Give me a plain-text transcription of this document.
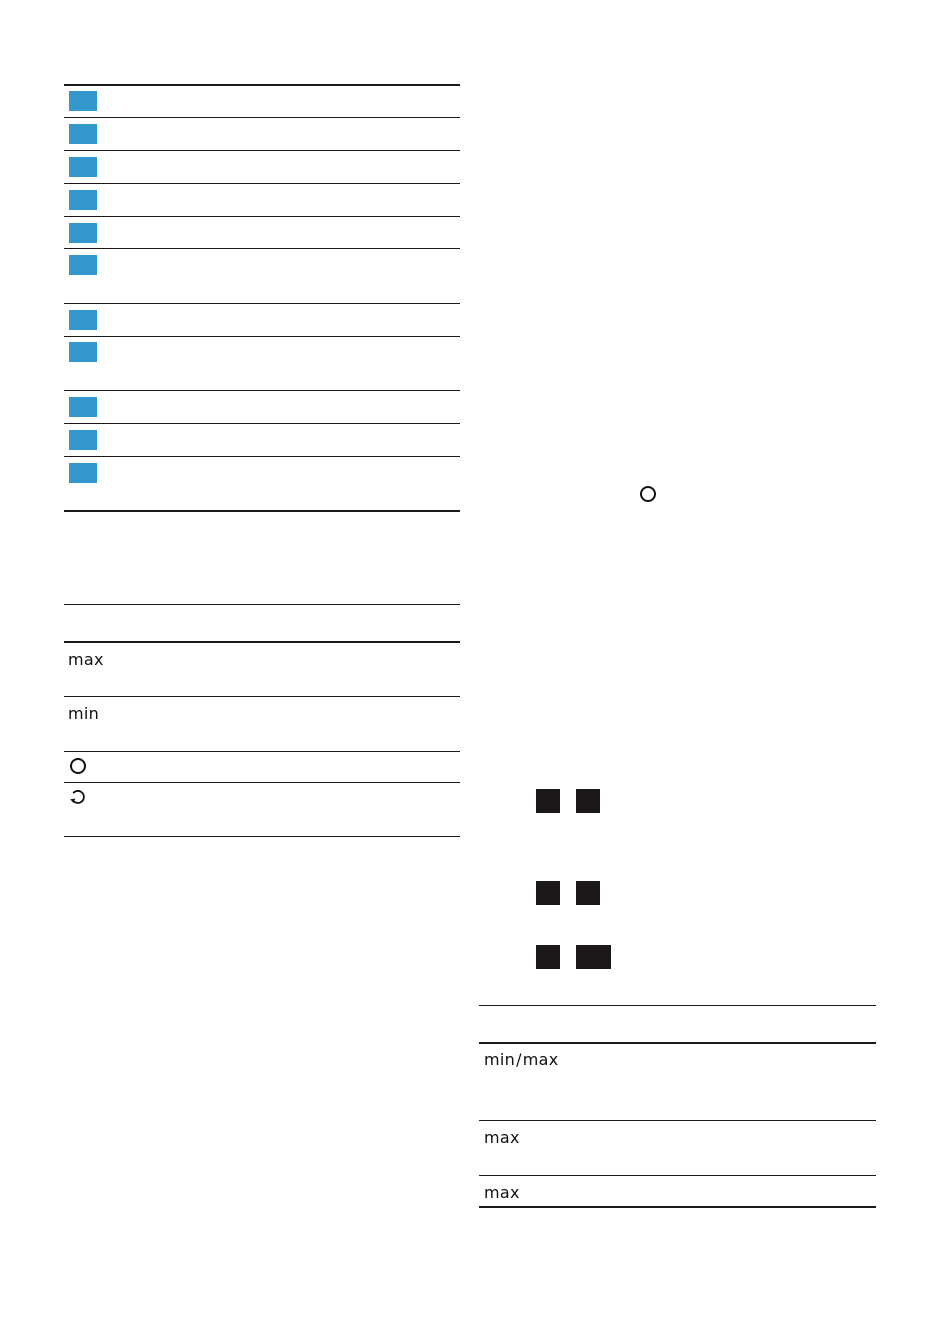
max
min
min/max
max
max
